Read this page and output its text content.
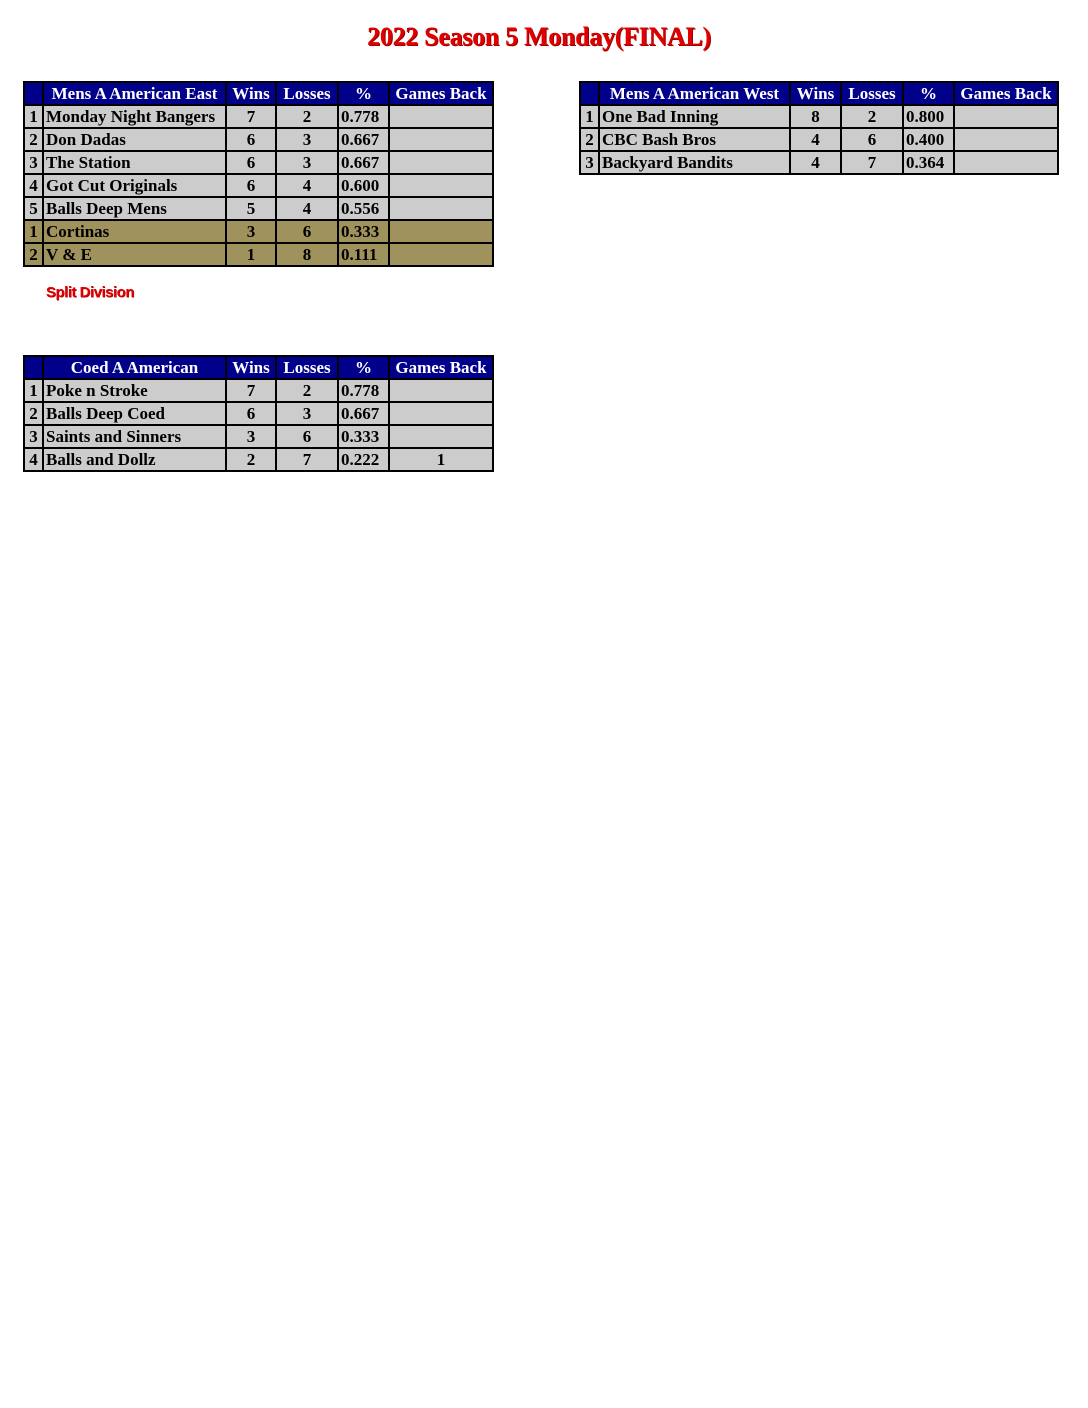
2022 Season 5 Monday(FINAL)
	Mens A American East	Wins	Losses	%	Games Back
1	Monday Night Bangers	7	2	0.778	
2	Don Dadas	6	3	0.667	
3	The Station	6	3	0.667	
4	Got Cut Originals	6	4	0.600	
5	Balls Deep Mens	5	4	0.556	
1	Cortinas	3	6	0.333	
2	V & E	1	8	0.111	
Split Division
	Mens A American West	Wins	Losses	%	Games Back
1	One Bad Inning	8	2	0.800	
2	CBC Bash Bros	4	6	0.400	
3	Backyard Bandits	4	7	0.364	
	Coed A American	Wins	Losses	%	Games Back
1	Poke n Stroke	7	2	0.778	
2	Balls Deep Coed	6	3	0.667	
3	Saints and Sinners	3	6	0.333	
4	Balls and Dollz	2	7	0.222	1
